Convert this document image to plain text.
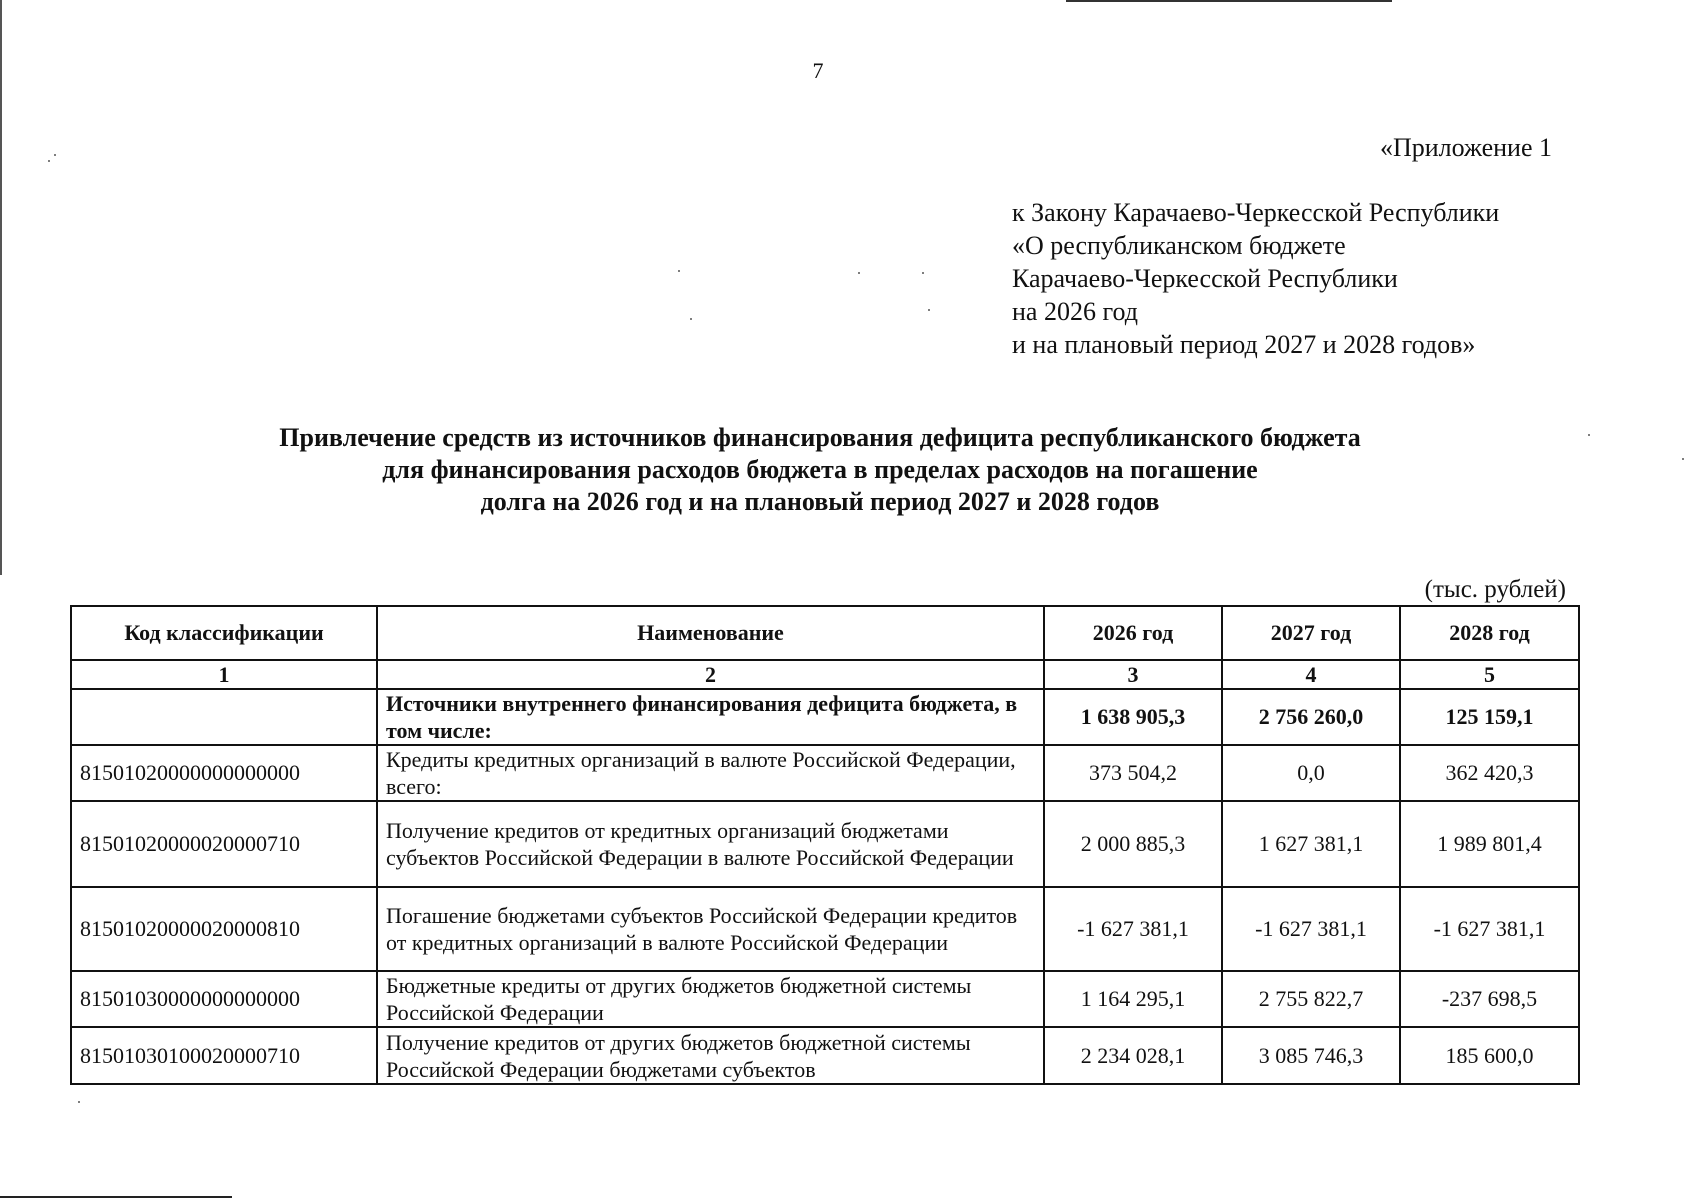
7
«Приложение 1
к Закону Карачаево-Черкесской Республики
«О республиканском бюджете
Карачаево-Черкесской Республики
на 2026 год
и на плановый период 2027 и 2028 годов»
Привлечение средств из источников финансирования дефицита республиканского бюджета
для финансирования расходов бюджета в пределах расходов на погашение
долга на 2026 год и на плановый период 2027 и 2028 годов
(тыс. рублей)
Код классификации	Наименование	2026 год	2027 год	2028 год
1	2	3	4	5
	Источники внутреннего финансирования дефицита бюджета, в том числе:	1 638 905,3	2 756 260,0	125 159,1
81501020000000000000	Кредиты кредитных организаций в валюте Российской Федерации, всего:	373 504,2	0,0	362 420,3
81501020000020000710	Получение кредитов от кредитных организаций бюджетами субъектов Российской Федерации в валюте Российской Федерации	2 000 885,3	1 627 381,1	1 989 801,4
81501020000020000810	Погашение бюджетами субъектов Российской Федерации кредитов от кредитных организаций в валюте Российской Федерации	-1 627 381,1	-1 627 381,1	-1 627 381,1
81501030000000000000	Бюджетные кредиты от других бюджетов бюджетной системы Российской Федерации	1 164 295,1	2 755 822,7	-237 698,5
81501030100020000710	Получение кредитов от других бюджетов бюджетной системы Российской Федерации бюджетами субъектов	2 234 028,1	3 085 746,3	185 600,0
